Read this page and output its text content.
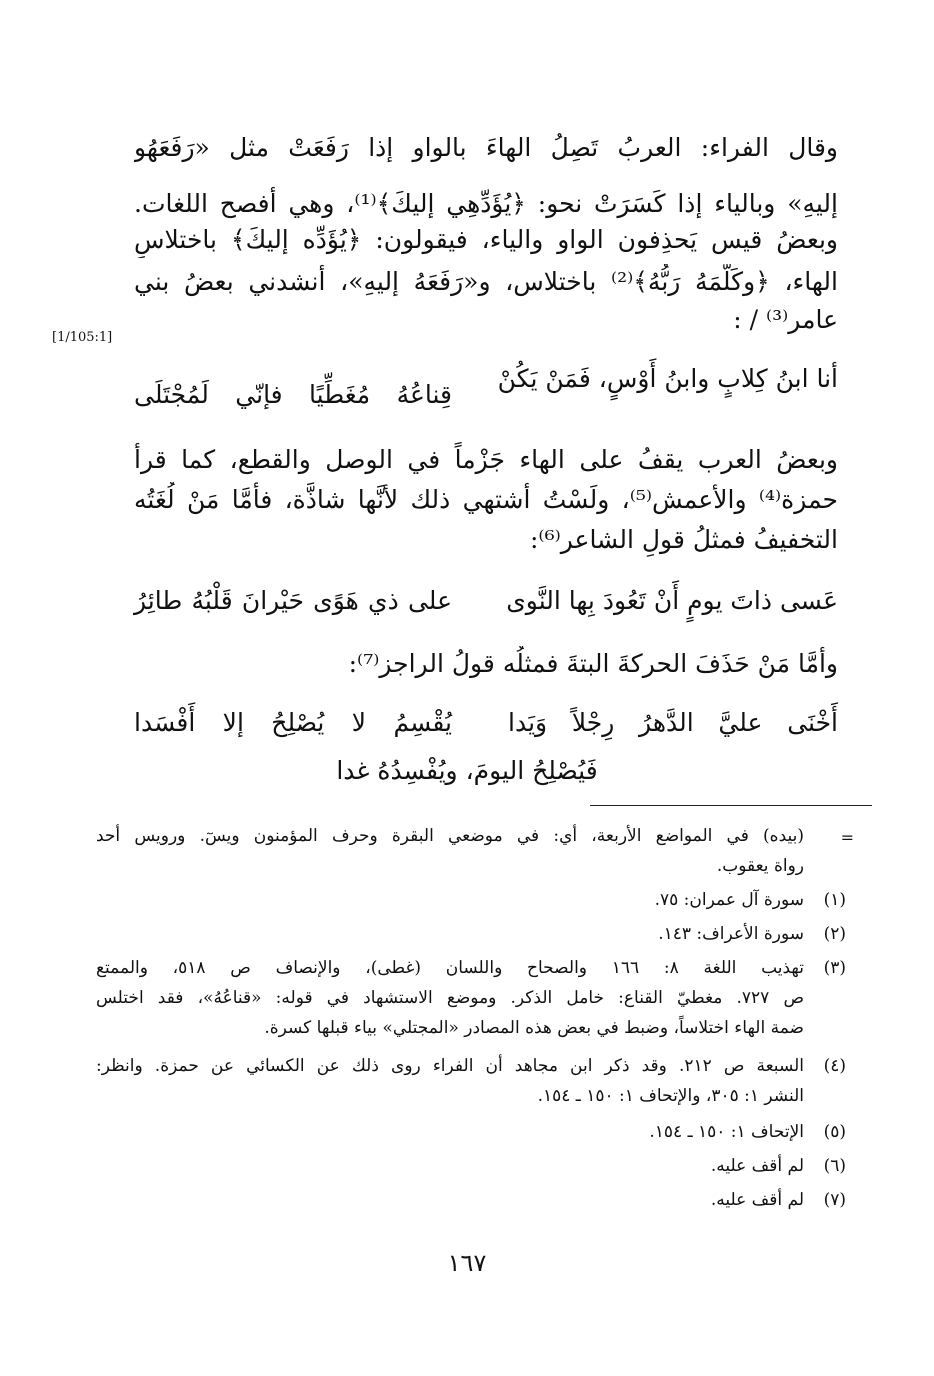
وقال الفراء: العربُ تَصِلُ الهاءَ بالواو إذا رَفَعَتْ مثل «رَفَعَهُو
إليهِ» وبالياء إذا كَسَرَتْ نحو: ﴿يُؤَدِّهِي إليكَ﴾⁽¹⁾، وهي أفصح اللغات.
وبعضُ قيس يَحذِفون الواو والياء، فيقولون: ﴿يُؤَدِّه إليكَ﴾ باختلاسِ
الهاء، ﴿وكَلَّمَهُ رَبُّهُ﴾⁽²⁾ باختلاس، و«رَفَعَهُ إليهِ»، أنشدني بعضُ بني
عامر⁽³⁾ / :
[1/105:1]
أنا ابنُ كِلابٍ وابنُ أَوْسٍ، فَمَنْ يَكُنْ
قِناعُهُ مُغَطِّيًا فإنّي لَمُجْتَلَى
وبعضُ العرب يقفُ على الهاء جَزْماً في الوصل والقطع، كما قرأ
حمزة⁽⁴⁾ والأعمش⁽⁵⁾، ولَسْتُ أشتهي ذلك لأنَّها شاذَّة، فأمَّا مَنْ لُغَتُه
التخفيفُ فمثلُ قولِ الشاعر⁽⁶⁾:
عَسى ذاتَ يومٍ أَنْ تَعُودَ بِها النَّوى
على ذي هَوًى حَيْرانَ قَلْبُهُ طائِرُ
وأمَّا مَنْ حَذَفَ الحركةَ البتةَ فمثلُه قولُ الراجز⁽⁷⁾:
أَخْنَى عليَّ الدَّهرُ رِجْلاً وَيَدا
يُقْسِمُ لا يُصْلِحُ إلا أَفْسَدا
فَيُصْلِحُ اليومَ، ويُفْسِدُهُ غدا
=
(بيده) في المواضع الأربعة، أي: في موضعي البقرة وحرف المؤمنون ويسٓ. ورويس أحد
رواة يعقوب.
(١)
سورة آل عمران: ٧٥.
(٢)
سورة الأعراف: ١٤٣.
(٣)
تهذيب اللغة ٨: ١٦٦ والصحاح واللسان (غطى)، والإنصاف ص ٥١٨، والممتع
ص ٧٢٧. مغطيّ القناع: خامل الذكر. وموضع الاستشهاد في قوله: «قناعُهُ»، فقد اختلس
ضمة الهاء اختلاساً، وضبط في بعض هذه المصادر «المجتلي» بياء قبلها كسرة.
(٤)
السبعة ص ٢١٢. وقد ذكر ابن مجاهد أن الفراء روى ذلك عن الكسائي عن حمزة. وانظر:
النشر ١: ٣٠٥، والإتحاف ١: ١٥٠ ـ ١٥٤.
(٥)
الإتحاف ١: ١٥٠ ـ ١٥٤.
(٦)
لم أقف عليه.
(٧)
لم أقف عليه.
١٦٧
